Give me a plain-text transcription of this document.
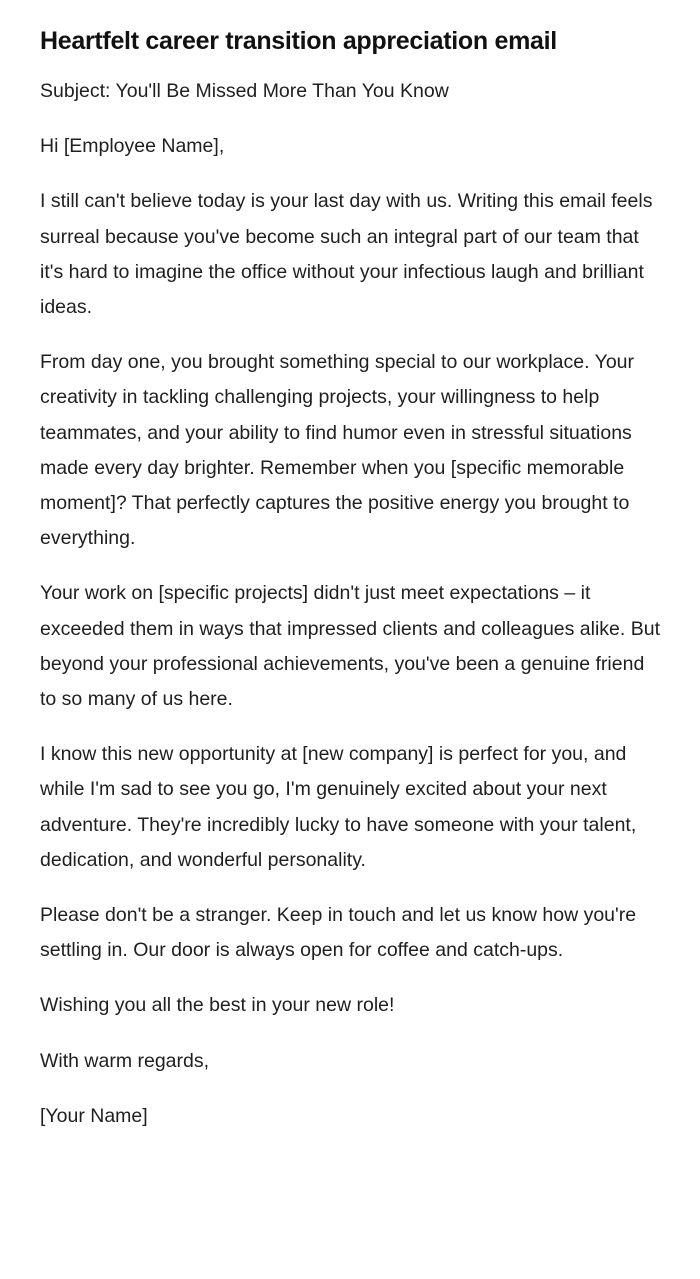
Heartfelt career transition appreciation email

Subject: You'll Be Missed More Than You Know

Hi [Employee Name],

I still can't believe today is your last day with us. Writing this email feels surreal because you've become such an integral part of our team that it's hard to imagine the office without your infectious laugh and brilliant ideas.

From day one, you brought something special to our workplace. Your creativity in tackling challenging projects, your willingness to help teammates, and your ability to find humor even in stressful situations made every day brighter. Remember when you [specific memorable moment]? That perfectly captures the positive energy you brought to everything.

Your work on [specific projects] didn't just meet expectations – it exceeded them in ways that impressed clients and colleagues alike. But beyond your professional achievements, you've been a genuine friend to so many of us here.

I know this new opportunity at [new company] is perfect for you, and while I'm sad to see you go, I'm genuinely excited about your next adventure. They're incredibly lucky to have someone with your talent, dedication, and wonderful personality.

Please don't be a stranger. Keep in touch and let us know how you're settling in. Our door is always open for coffee and catch-ups.

Wishing you all the best in your new role!

With warm regards,

[Your Name]
